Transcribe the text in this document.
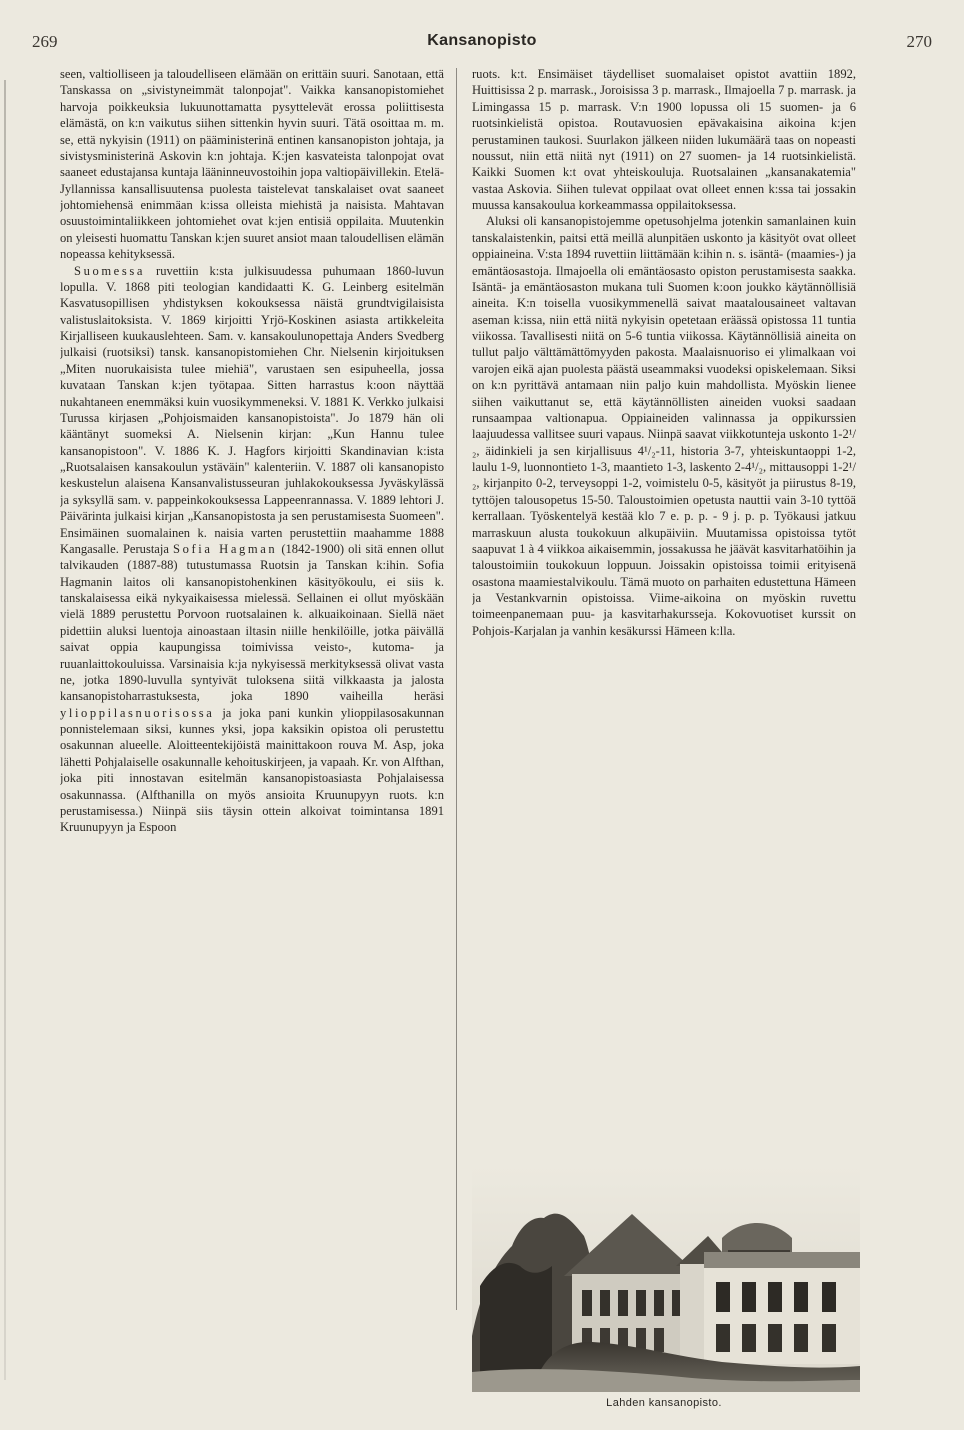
269	Kansanopisto	270

seen, valtiolliseen ja taloudelliseen elämään on erittäin suuri. Sanotaan, että Tanskassa on „sivistyneimmät talonpojat". Vaikka kansanopistomiehet harvoja poikkeuksia lukuunottamatta pysyttelevät erossa poliittisesta elämästä, on k:n vaikutus siihen sittenkin hyvin suuri. Tätä osoittaa m. m. se, että nykyisin (1911) on pääministerinä entinen kansanopiston johtaja, ja sivistysministerinä Askovin k:n johtaja. K:jen kasvateista talonpojat ovat saaneet edustajansa kuntaja lääninneuvostoihin jopa valtiopäivillekin. Etelä-Jyllannissa kansallisuutensa puolesta taistelevat tanskalaiset ovat saaneet johtomiehensä enimmäan k:issa olleista miehistä ja naisista. Mahtavan osuustoimintaliikkeen johtomiehet ovat k:jen entisiä oppilaita. Muutenkin on yleisesti huomattu Tanskan k:jen suuret ansiot maan taloudellisen elämän nopeassa kehityksessä.

Suomessa ruvettiin k:sta julkisuudessa puhumaan 1860-luvun lopulla. V. 1868 piti teologian kandidaatti K. G. Leinberg esitelmän Kasvatusopillisen yhdistyksen kokouksessa näistä grundtvigilaisista valistuslaitoksista. V. 1869 kirjoitti Yrjö-Koskinen asiasta artikkeleita Kirjalliseen kuukauslehteen. Sam. v. kansakoulunopettaja Anders Svedberg julkaisi (ruotsiksi) tansk. kansanopistomiehen Chr. Nielsenin kirjoituksen „Miten nuorukaisista tulee miehiä", varustaen sen esipuheella, jossa kuvataan Tanskan k:jen työtapaa. Sitten harrastus k:oon näyttää nukahtaneen enemmäksi kuin vuosikymmeneksi. V. 1881 K. Verkko julkaisi Turussa kirjasen „Pohjoismaiden kansanopistoista". Jo 1879 hän oli kääntänyt suomeksi A. Nielsenin kirjan: „Kun Hannu tulee kansanopistoon". V. 1886 K. J. Hagfors kirjoitti Skandinavian k:ista „Ruotsalaisen kansakoulun ystäväin" kalenteriin. V. 1887 oli kansanopisto keskustelun alaisena Kansanvalistusseuran juhlakokouksessa Jyväskylässä ja syksyllä sam. v. pappeinkokouksessa Lappeenrannassa. V. 1889 lehtori J. Päivärinta julkaisi kirjan „Kansanopistosta ja sen perustamisesta Suomeen". Ensimäinen suomalainen k. naisia varten perustettiin maahamme 1888 Kangasalle. Perustaja Sofia Hagman (1842-1900) oli sitä ennen ollut talvikauden (1887-88) tutustumassa Ruotsin ja Tanskan k:ihin. Sofia Hagmanin laitos oli kansanopistohenkinen käsityökoulu, ei siis k. tanskalaisessa eikä nykyaikaisessa mielessä. Sellainen ei ollut myöskään vielä 1889 perustettu Porvoon ruotsalainen k. alkuaikoinaan. Siellä näet pidettiin aluksi luentoja ainoastaan iltasin niille henkilöille, jotka päivällä saivat oppia kaupungissa toimivissa veisto-, kutoma- ja ruuanlaittokouluissa. Varsinaisia k:ja nykyisessä merkityksessä olivat vasta ne, jotka 1890-luvulla syntyivät tuloksena siitä vilkkaasta ja jalosta kansanopistoharrastuksesta, joka 1890 vaiheilla heräsi ylioppilasnuorisossa ja joka pani kunkin ylioppilasosakunnan ponnistelemaan siksi, kunnes yksi, jopa kaksikin opistoa oli perustettu osakunnan alueelle. Aloitteentekijöistä mainittakoon rouva M. Asp, joka lähetti Pohjalaiselle osakunnalle kehoituskirjeen, ja vapaah. Kr. von Alfthan, joka piti innostavan esitelmän kansanopistoasiasta Pohjalaisessa osakunnassa. (Alfthanilla on myös ansioita Kruunupyyn ruots. k:n perustamisessa.) Niinpä siis täysin ottein alkoivat toimintansa 1891 Kruunupyyn ja Espoon

ruots. k:t. Ensimäiset täydelliset suomalaiset opistot avattiin 1892, Huittisissa 2 p. marrask., Joroisissa 3 p. marrask., Ilmajoella 7 p. marrask. ja Limingassa 15 p. marrask. V:n 1900 lopussa oli 15 suomen- ja 6 ruotsinkielistä opistoa. Routavuosien epävakaisina aikoina k:jen perustaminen taukosi. Suurlakon jälkeen niiden lukumäärä taas on nopeasti noussut, niin että niitä nyt (1911) on 27 suomen- ja 14 ruotsinkielistä. Kaikki Suomen k:t ovat yhteiskouluja. Ruotsalainen „kansanakatemia" vastaa Askovia. Siihen tulevat oppilaat ovat olleet ennen k:ssa tai jossakin muussa kansakoulua korkeammassa oppilaitoksessa.

Aluksi oli kansanopistojemme opetusohjelma jotenkin samanlainen kuin tanskalaistenkin, paitsi että meillä alunpitäen uskonto ja käsityöt ovat olleet oppiaineina. V:sta 1894 ruvettiin liittämään k:ihin n. s. isäntä- (maamies-) ja emäntäosastoja. Ilmajoella oli emäntäosasto opiston perustamisesta saakka. Isäntä- ja emäntäosaston mukana tuli Suomen k:oon joukko käytännöllisiä aineita. K:n toisella vuosikymmenellä saivat maatalousaineet valtavan aseman k:issa, niin että niitä nykyisin opetetaan eräässä opistossa 11 tuntia viikossa. Tavallisesti niitä on 5-6 tuntia viikossa. Käytännöllisiä aineita on tullut paljo välttämättömyyden pakosta. Maalaisnuoriso ei ylimalkaan voi varojen eikä ajan puolesta päästä useammaksi vuodeksi opiskelemaan. Siksi on k:n pyrittävä antamaan niin paljo kuin mahdollista. Myöskin lienee siihen vaikuttanut se, että käytännöllisten aineiden vuoksi saadaan runsaampaa valtionapua. Oppiaineiden valinnassa ja oppikurssien laajuudessa vallitsee suuri vapaus. Niinpä saavat viikkotunteja uskonto 1-2¹/₂, äidinkieli ja sen kirjallisuus 4¹/₂-11, historia 3-7, yhteiskuntaoppi 1-2, laulu 1-9, luonnontieto 1-3, maantieto 1-3, laskento 2-4¹/₂, mittausoppi 1-2¹/₂, kirjanpito 0-2, terveysoppi 1-2, voimistelu 0-5, käsityöt ja piirustus 8-19, tyttöjen talousopetus 15-50. Taloustoimien opetusta nauttii vain 3-10 tyttöä kerrallaan. Työskentelyä kestää klo 7 e. p. p. - 9 j. p. p. Työkausi jatkuu marraskuun alusta toukokuun alkupäiviin. Muutamissa opistoissa tytöt saapuvat 1 à 4 viikkoa aikaisemmin, jossakussa he jäävät kasvitarhatöihin ja taloustoimiin toukokuun loppuun. Joissakin opistoissa toimii erityisenä osastona maamiestalvikoulu. Tämä muoto on parhaiten edustettuna Hämeen ja Vestankvarnin opistoissa. Viime-aikoina on myöskin ruvettu toimeenpanemaan puu- ja kasvitarhakursseja. Kokovuotiset kurssit on Pohjois-Karjalan ja vanhin kesäkurssi Hämeen k:lla.

Lahden kansanopisto.
